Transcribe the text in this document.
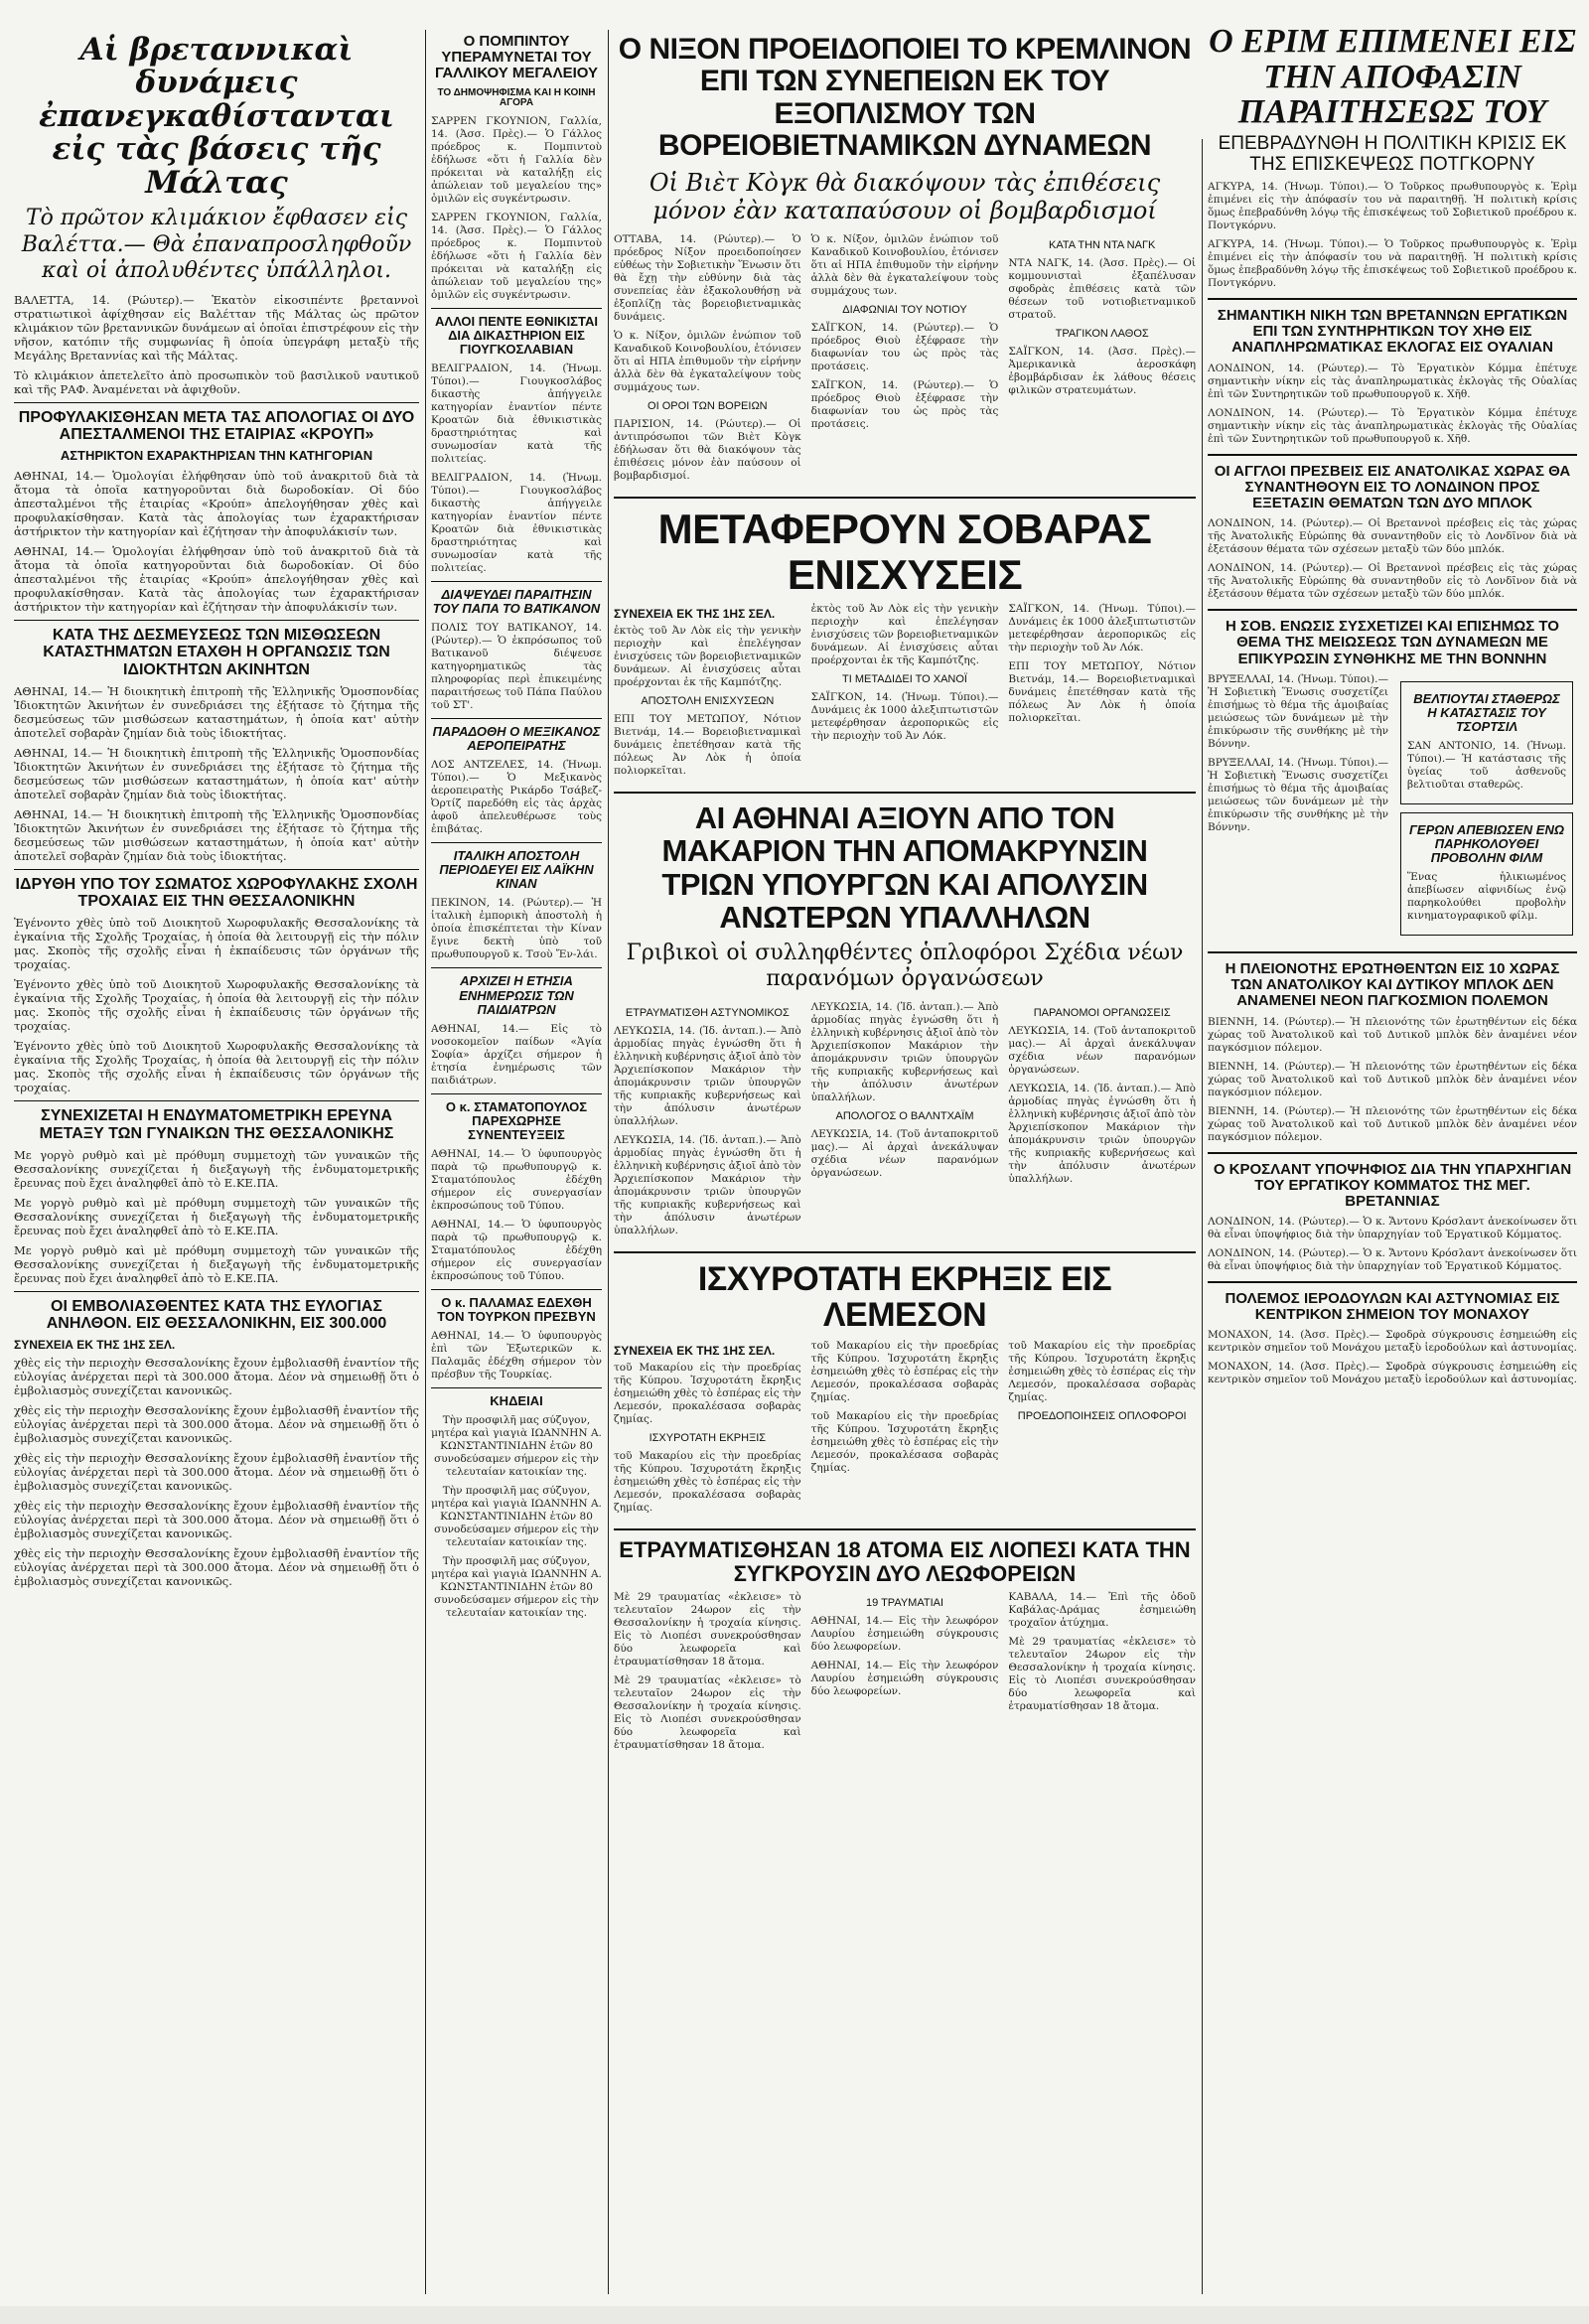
Αἱ βρεταννικαὶ δυνάμεις ἐπανεγκαθίστανται εἰς τὰς βάσεις τῆς Μάλτας
Τὸ πρῶτον κλιμάκιον ἔφθασεν εἰς Βαλέττα.— Θὰ ἐπαναπροσληφθοῦν καὶ οἱ ἀπολυθέντες ὑπάλληλοι.

ΒΑΛΕΤΤΑ, 14. (Ρώυτερ).— Ἑκατὸν εἰκοσιπέντε βρεταννοὶ στρατιωτικοὶ ἀφίχθησαν εἰς Βαλέτταν τῆς Μάλτας ὡς πρῶτον κλιμάκιον τῶν βρεταννικῶν δυνάμεων αἱ ὁποῖαι ἐπιστρέφουν εἰς τὴν νῆσον, κατόπιν τῆς συμφωνίας ἣ ὁποία ὑπεγράφη μεταξὺ τῆς Μεγάλης Βρεταννίας καὶ τῆς Μάλτας.

Τὸ κλιμάκιον ἀπετελεῖτο ἀπὸ προσωπικὸν τοῦ βασιλικοῦ ναυτικοῦ καὶ τῆς ΡΑΦ. Ἀναμένεται νὰ ἀφιχθοῦν.

ΠΡΟΦΥΛΑΚΙΣΘΗΣΑΝ ΜΕΤΑ ΤΑΣ ΑΠΟΛΟΓΙΑΣ ΟΙ ΔΥΟ ΑΠΕΣΤΑΛΜΕΝΟΙ ΤΗΣ ΕΤΑΙΡΙΑΣ «ΚΡΟΥΠ»
ΑΣΤΗΡΙΚΤΟΝ ΕΧΑΡΑΚΤΗΡΙΣΑΝ ΤΗΝ ΚΑΤΗΓΟΡΙΑΝ

ΑΘΗΝΑΙ, 14.— Ὁμολογίαι ἐλήφθησαν ὑπὸ τοῦ ἀνακριτοῦ διὰ τὰ ἄτομα τὰ ὁποῖα κατηγοροῦνται διὰ δωροδοκίαν. Οἱ δύο ἀπεσταλμένοι τῆς ἑταιρίας «Κρούπ» ἀπελογήθησαν χθὲς καὶ προφυλακίσθησαν. Κατὰ τὰς ἀπολογίας των ἐχαρακτήρισαν ἀστήρικτον τὴν κατηγορίαν καὶ ἐζήτησαν τὴν ἀποφυλάκισίν των.

ΑΘΗΝΑΙ, 14.— Ὁμολογίαι ἐλήφθησαν ὑπὸ τοῦ ἀνακριτοῦ διὰ τὰ ἄτομα τὰ ὁποῖα κατηγοροῦνται διὰ δωροδοκίαν. Οἱ δύο ἀπεσταλμένοι τῆς ἑταιρίας «Κρούπ» ἀπελογήθησαν χθὲς καὶ προφυλακίσθησαν. Κατὰ τὰς ἀπολογίας των ἐχαρακτήρισαν ἀστήρικτον τὴν κατηγορίαν καὶ ἐζήτησαν τὴν ἀποφυλάκισίν των.

ΚΑΤΑ ΤΗΣ ΔΕΣΜΕΥΣΕΩΣ ΤΩΝ ΜΙΣΘΩΣΕΩΝ ΚΑΤΑΣΤΗΜΑΤΩΝ ΕΤΑΧΘΗ Η ΟΡΓΑΝΩΣΙΣ ΤΩΝ ΙΔΙΟΚΤΗΤΩΝ ΑΚΙΝΗΤΩΝ

ΑΘΗΝΑΙ, 14.— Ἡ διοικητικὴ ἐπιτροπὴ τῆς Ἑλληνικῆς Ὁμοσπονδίας Ἰδιοκτητῶν Ἀκινήτων ἐν συνεδριάσει της ἐξήτασε τὸ ζήτημα τῆς δεσμεύσεως τῶν μισθώσεων καταστημάτων, ἡ ὁποία κατ' αὐτὴν ἀποτελεῖ σοβαρὰν ζημίαν διὰ τοὺς ἰδιοκτήτας.

ΑΘΗΝΑΙ, 14.— Ἡ διοικητικὴ ἐπιτροπὴ τῆς Ἑλληνικῆς Ὁμοσπονδίας Ἰδιοκτητῶν Ἀκινήτων ἐν συνεδριάσει της ἐξήτασε τὸ ζήτημα τῆς δεσμεύσεως τῶν μισθώσεων καταστημάτων, ἡ ὁποία κατ' αὐτὴν ἀποτελεῖ σοβαρὰν ζημίαν διὰ τοὺς ἰδιοκτήτας.

ΑΘΗΝΑΙ, 14.— Ἡ διοικητικὴ ἐπιτροπὴ τῆς Ἑλληνικῆς Ὁμοσπονδίας Ἰδιοκτητῶν Ἀκινήτων ἐν συνεδριάσει της ἐξήτασε τὸ ζήτημα τῆς δεσμεύσεως τῶν μισθώσεων καταστημάτων, ἡ ὁποία κατ' αὐτὴν ἀποτελεῖ σοβαρὰν ζημίαν διὰ τοὺς ἰδιοκτήτας.

ΙΔΡΥΘΗ ΥΠΟ ΤΟΥ ΣΩΜΑΤΟΣ ΧΩΡΟΦΥΛΑΚΗΣ ΣΧΟΛΗ ΤΡΟΧΑΙΑΣ ΕΙΣ ΤΗΝ ΘΕΣΣΑΛΟΝΙΚΗΝ

Ἐγένοντο χθὲς ὑπὸ τοῦ Διοικητοῦ Χωροφυλακῆς Θεσσαλονίκης τὰ ἐγκαίνια τῆς Σχολῆς Τροχαίας, ἡ ὁποία θὰ λειτουργῇ εἰς τὴν πόλιν μας. Σκοπὸς τῆς σχολῆς εἶναι ἡ ἐκπαίδευσις τῶν ὀργάνων τῆς τροχαίας.

Ἐγένοντο χθὲς ὑπὸ τοῦ Διοικητοῦ Χωροφυλακῆς Θεσσαλονίκης τὰ ἐγκαίνια τῆς Σχολῆς Τροχαίας, ἡ ὁποία θὰ λειτουργῇ εἰς τὴν πόλιν μας. Σκοπὸς τῆς σχολῆς εἶναι ἡ ἐκπαίδευσις τῶν ὀργάνων τῆς τροχαίας.

Ἐγένοντο χθὲς ὑπὸ τοῦ Διοικητοῦ Χωροφυλακῆς Θεσσαλονίκης τὰ ἐγκαίνια τῆς Σχολῆς Τροχαίας, ἡ ὁποία θὰ λειτουργῇ εἰς τὴν πόλιν μας. Σκοπὸς τῆς σχολῆς εἶναι ἡ ἐκπαίδευσις τῶν ὀργάνων τῆς τροχαίας.

ΣΥΝΕΧΙΖΕΤΑΙ Η ΕΝΔΥΜΑΤΟΜΕΤΡΙΚΗ ΕΡΕΥΝΑ ΜΕΤΑΞΥ ΤΩΝ ΓΥΝΑΙΚΩΝ ΤΗΣ ΘΕΣΣΑΛΟΝΙΚΗΣ

Με γοργὸ ρυθμὸ καὶ μὲ πρόθυμη συμμετοχὴ τῶν γυναικῶν τῆς Θεσσαλονίκης συνεχίζεται ἡ διεξαγωγὴ τῆς ἐνδυματομετρικῆς ἔρευνας ποὺ ἔχει ἀναληφθεῖ ἀπὸ τὸ Ε.ΚΕ.ΠΑ.

Με γοργὸ ρυθμὸ καὶ μὲ πρόθυμη συμμετοχὴ τῶν γυναικῶν τῆς Θεσσαλονίκης συνεχίζεται ἡ διεξαγωγὴ τῆς ἐνδυματομετρικῆς ἔρευνας ποὺ ἔχει ἀναληφθεῖ ἀπὸ τὸ Ε.ΚΕ.ΠΑ.

Με γοργὸ ρυθμὸ καὶ μὲ πρόθυμη συμμετοχὴ τῶν γυναικῶν τῆς Θεσσαλονίκης συνεχίζεται ἡ διεξαγωγὴ τῆς ἐνδυματομετρικῆς ἔρευνας ποὺ ἔχει ἀναληφθεῖ ἀπὸ τὸ Ε.ΚΕ.ΠΑ.

ΟΙ ΕΜΒΟΛΙΑΣΘΕΝΤΕΣ ΚΑΤΑ ΤΗΣ ΕΥΛΟΓΙΑΣ ΑΝΗΛΘΟΝ. ΕΙΣ ΘΕΣΣΑΛΟΝΙΚΗΝ, ΕΙΣ 300.000
ΣΥΝΕΧΕΙΑ ΕΚ ΤΗΣ 1ΗΣ ΣΕΛ.

χθὲς εἰς τὴν περιοχὴν Θεσσαλονίκης ἔχουν ἐμβολιασθῆ ἐναντίον τῆς εὐλογίας ἀνέρχεται περὶ τὰ 300.000 ἄτομα. Δέον νὰ σημειωθῇ ὅτι ὁ ἐμβολιασμὸς συνεχίζεται κανονικῶς.

χθὲς εἰς τὴν περιοχὴν Θεσσαλονίκης ἔχουν ἐμβολιασθῆ ἐναντίον τῆς εὐλογίας ἀνέρχεται περὶ τὰ 300.000 ἄτομα. Δέον νὰ σημειωθῇ ὅτι ὁ ἐμβολιασμὸς συνεχίζεται κανονικῶς.

χθὲς εἰς τὴν περιοχὴν Θεσσαλονίκης ἔχουν ἐμβολιασθῆ ἐναντίον τῆς εὐλογίας ἀνέρχεται περὶ τὰ 300.000 ἄτομα. Δέον νὰ σημειωθῇ ὅτι ὁ ἐμβολιασμὸς συνεχίζεται κανονικῶς.

χθὲς εἰς τὴν περιοχὴν Θεσσαλονίκης ἔχουν ἐμβολιασθῆ ἐναντίον τῆς εὐλογίας ἀνέρχεται περὶ τὰ 300.000 ἄτομα. Δέον νὰ σημειωθῇ ὅτι ὁ ἐμβολιασμὸς συνεχίζεται κανονικῶς.

χθὲς εἰς τὴν περιοχὴν Θεσσαλονίκης ἔχουν ἐμβολιασθῆ ἐναντίον τῆς εὐλογίας ἀνέρχεται περὶ τὰ 300.000 ἄτομα. Δέον νὰ σημειωθῇ ὅτι ὁ ἐμβολιασμὸς συνεχίζεται κανονικῶς.

Ο ΠΟΜΠΙΝΤΟΥ ΥΠΕΡΑΜΥΝΕΤΑΙ ΤΟΥ ΓΑΛΛΙΚΟΥ ΜΕΓΑΛΕΙΟΥ
ΤΟ ΔΗΜΟΨΗΦΙΣΜΑ ΚΑΙ Η ΚΟΙΝΗ ΑΓΟΡΑ

ΣΑΡΡΕΝ ΓΚΟΥΝΙΟΝ, Γαλλία, 14. (Ἀσσ. Πρὲς).— Ὁ Γάλλος πρόεδρος κ. Πομπιντοὺ ἐδήλωσε «ὅτι ἡ Γαλλία δὲν πρόκειται νὰ καταλήξῃ εἰς ἀπώλειαν τοῦ μεγαλείου της» ὁμιλῶν εἰς συγκέντρωσιν.

ΣΑΡΡΕΝ ΓΚΟΥΝΙΟΝ, Γαλλία, 14. (Ἀσσ. Πρὲς).— Ὁ Γάλλος πρόεδρος κ. Πομπιντοὺ ἐδήλωσε «ὅτι ἡ Γαλλία δὲν πρόκειται νὰ καταλήξῃ εἰς ἀπώλειαν τοῦ μεγαλείου της» ὁμιλῶν εἰς συγκέντρωσιν.

ΑΛΛΟΙ ΠΕΝΤΕ ΕΘΝΙΚΙΣΤΑΙ ΔΙΑ ΔΙΚΑΣΤΗΡΙΟΝ ΕΙΣ ΓΙΟΥΓΚΟΣΛΑΒΙΑΝ

ΒΕΛΙΓΡΑΔΙΟΝ, 14. (Ἡνωμ. Τύποι).— Γιουγκοσλάβος δικαστὴς ἀπήγγειλε κατηγορίαν ἐναντίον πέντε Κροατῶν διὰ ἐθνικιστικὰς δραστηριότητας καὶ συνωμοσίαν κατὰ τῆς πολιτείας.

ΒΕΛΙΓΡΑΔΙΟΝ, 14. (Ἡνωμ. Τύποι).— Γιουγκοσλάβος δικαστὴς ἀπήγγειλε κατηγορίαν ἐναντίον πέντε Κροατῶν διὰ ἐθνικιστικὰς δραστηριότητας καὶ συνωμοσίαν κατὰ τῆς πολιτείας.

ΔΙΑΨΕΥΔΕΙ ΠΑΡΑΙΤΗΣΙΝ ΤΟΥ ΠΑΠΑ ΤΟ ΒΑΤΙΚΑΝΟΝ

ΠΟΛΙΣ ΤΟΥ ΒΑΤΙΚΑΝΟΥ, 14. (Ρώυτερ).— Ὁ ἐκπρόσωπος τοῦ Βατικανοῦ διέψευσε κατηγορηματικῶς τὰς πληροφορίας περὶ ἐπικειμένης παραιτήσεως τοῦ Πάπα Παύλου τοῦ ΣΤ'.

ΠΑΡΑΔΟΘΗ Ο ΜΕΞΙΚΑΝΟΣ ΑΕΡΟΠΕΙΡΑΤΗΣ

ΛΟΣ ΑΝΤΖΕΛΕΣ, 14. (Ἡνωμ. Τύποι).— Ὁ Μεξικανὸς ἀεροπειρατὴς Ρικάρδο Τσάβεζ-Ὀρτίζ παρεδόθη εἰς τὰς ἀρχὰς ἀφοῦ ἀπελευθέρωσε τοὺς ἐπιβάτας.

ΙΤΑΛΙΚΗ ΑΠΟΣΤΟΛΗ ΠΕΡΙΟΔΕΥΕΙ ΕΙΣ ΛΑΪΚΗΝ ΚΙΝΑΝ

ΠΕΚΙΝΟΝ, 14. (Ρώυτερ).— Ἡ ἰταλικὴ ἐμπορικὴ ἀποστολὴ ἡ ὁποία ἐπισκέπτεται τὴν Κίναν ἔγινε δεκτὴ ὑπὸ τοῦ πρωθυπουργοῦ κ. Τσοὺ Ἔν-λάι.

ΑΡΧΙΖΕΙ Η ΕΤΗΣΙΑ ΕΝΗΜΕΡΩΣΙΣ ΤΩΝ ΠΑΙΔΙΑΤΡΩΝ

ΑΘΗΝΑΙ, 14.— Εἰς τὸ νοσοκομεῖον παίδων «Ἁγία Σοφία» ἀρχίζει σήμερον ἡ ἐτησία ἐνημέρωσις τῶν παιδιάτρων.

Ο κ. ΣΤΑΜΑΤΟΠΟΥΛΟΣ ΠΑΡΕΧΩΡΗΣΕ ΣΥΝΕΝΤΕΥΞΕΙΣ

ΑΘΗΝΑΙ, 14.— Ὁ ὑφυπουργὸς παρὰ τῷ πρωθυπουργῷ κ. Σταματόπουλος ἐδέχθη σήμερον εἰς συνεργασίαν ἐκπροσώπους τοῦ Τύπου.

ΑΘΗΝΑΙ, 14.— Ὁ ὑφυπουργὸς παρὰ τῷ πρωθυπουργῷ κ. Σταματόπουλος ἐδέχθη σήμερον εἰς συνεργασίαν ἐκπροσώπους τοῦ Τύπου.

Ο κ. ΠΑΛΑΜΑΣ ΕΔΕΧΘΗ ΤΟΝ ΤΟΥΡΚΟΝ ΠΡΕΣΒΥΝ

ΑΘΗΝΑΙ, 14.— Ὁ ὑφυπουργὸς ἐπὶ τῶν Ἐξωτερικῶν κ. Παλαμᾶς ἐδέχθη σήμερον τὸν πρέσβυν τῆς Τουρκίας.

ΚΗΔΕΙΑΙ

Τὴν προσφιλῆ μας σύζυγον, μητέρα καὶ γιαγιὰ ΙΩΑΝΝΗΝ Α. ΚΩΝΣΤΑΝΤΙΝΙΔΗΝ ἐτῶν 80 συνοδεύσαμεν σήμερον εἰς τὴν τελευταίαν κατοικίαν της.

Τὴν προσφιλῆ μας σύζυγον, μητέρα καὶ γιαγιὰ ΙΩΑΝΝΗΝ Α. ΚΩΝΣΤΑΝΤΙΝΙΔΗΝ ἐτῶν 80 συνοδεύσαμεν σήμερον εἰς τὴν τελευταίαν κατοικίαν της.

Τὴν προσφιλῆ μας σύζυγον, μητέρα καὶ γιαγιὰ ΙΩΑΝΝΗΝ Α. ΚΩΝΣΤΑΝΤΙΝΙΔΗΝ ἐτῶν 80 συνοδεύσαμεν σήμερον εἰς τὴν τελευταίαν κατοικίαν της.

Ο ΝΙΞΟΝ ΠΡΟΕΙΔΟΠΟΙΕΙ ΤΟ ΚΡΕΜΛΙΝΟΝ ΕΠΙ ΤΩΝ ΣΥΝΕΠΕΙΩΝ ΕΚ ΤΟΥ ΕΞΟΠΛΙΣΜΟΥ ΤΩΝ ΒΟΡΕΙΟΒΙΕΤΝΑΜΙΚΩΝ ΔΥΝΑΜΕΩΝ
Οἱ Βιὲτ Κὸγκ θὰ διακόψουν τὰς ἐπιθέσεις μόνον ἐὰν καταπαύσουν οἱ βομβαρδισμοί

ΟΤΤΑΒΑ, 14. (Ρώυτερ).— Ὁ πρόεδρος Νίξον προειδοποίησεν εὐθέως τὴν Σοβιετικὴν Ἕνωσιν ὅτι θὰ ἔχῃ τὴν εὐθύνην διὰ τὰς συνεπείας ἐὰν ἐξακολουθήσῃ νὰ ἐξοπλίζῃ τὰς βορειοβιετναμικὰς δυνάμεις.

Ὁ κ. Νίξον, ὁμιλῶν ἐνώπιον τοῦ Καναδικοῦ Κοινοβουλίου, ἐτόνισεν ὅτι αἱ ΗΠΑ ἐπιθυμοῦν τὴν εἰρήνην ἀλλὰ δὲν θὰ ἐγκαταλείψουν τοὺς συμμάχους των.

ΟΙ ΟΡΟΙ ΤΩΝ ΒΟΡΕΙΩΝ

ΠΑΡΙΣΙΟΝ, 14. (Ρώυτερ).— Οἱ ἀντιπρόσωποι τῶν Βιὲτ Κὸγκ ἐδήλωσαν ὅτι θὰ διακόψουν τὰς ἐπιθέσεις μόνον ἐὰν παύσουν οἱ βομβαρδισμοί.

Ὁ κ. Νίξον, ὁμιλῶν ἐνώπιον τοῦ Καναδικοῦ Κοινοβουλίου, ἐτόνισεν ὅτι αἱ ΗΠΑ ἐπιθυμοῦν τὴν εἰρήνην ἀλλὰ δὲν θὰ ἐγκαταλείψουν τοὺς συμμάχους των.

ΔΙΑΦΩΝΙΑΙ ΤΟΥ ΝΟΤΙΟΥ

ΣΑΪΓΚΟΝ, 14. (Ρώυτερ).— Ὁ πρόεδρος Θιοὺ ἐξέφρασε τὴν διαφωνίαν του ὡς πρὸς τὰς προτάσεις.

ΣΑΪΓΚΟΝ, 14. (Ρώυτερ).— Ὁ πρόεδρος Θιοὺ ἐξέφρασε τὴν διαφωνίαν του ὡς πρὸς τὰς προτάσεις.

ΚΑΤΑ ΤΗΝ ΝΤΑ ΝΑΓΚ

ΝΤΑ ΝΑΓΚ, 14. (Ἀσσ. Πρὲς).— Οἱ κομμουνισταὶ ἐξαπέλυσαν σφοδρὰς ἐπιθέσεις κατὰ τῶν θέσεων τοῦ νοτιοβιετναμικοῦ στρατοῦ.

ΤΡΑΓΙΚΟΝ ΛΑΘΟΣ

ΣΑΪΓΚΟΝ, 14. (Ἀσσ. Πρὲς).— Ἀμερικανικὰ ἀεροσκάφη ἐβομβάρδισαν ἐκ λάθους θέσεις φιλικῶν στρατευμάτων.

ΜΕΤΑΦΕΡΟΥΝ ΣΟΒΑΡΑΣ ΕΝΙΣΧΥΣΕΙΣ
ΣΥΝΕΧΕΙΑ ΕΚ ΤΗΣ 1ΗΣ ΣΕΛ.

ἐκτὸς τοῦ Ἀν Λὸκ εἰς τὴν γενικὴν περιοχὴν καὶ ἐπελέγησαν ἐνισχύσεις τῶν βορειοβιετναμικῶν δυνάμεων. Αἱ ἐνισχύσεις αὗται προέρχονται ἐκ τῆς Καμπότζης.

ΑΠΟΣΤΟΛΗ ΕΝΙΣΧΥΣΕΩΝ

ΕΠΙ ΤΟΥ ΜΕΤΩΠΟΥ, Νότιον Βιετνάμ, 14.— Βορειοβιετναμικαὶ δυνάμεις ἐπετέθησαν κατὰ τῆς πόλεως Ἀν Λὸκ ἡ ὁποία πολιορκεῖται.

ἐκτὸς τοῦ Ἀν Λὸκ εἰς τὴν γενικὴν περιοχὴν καὶ ἐπελέγησαν ἐνισχύσεις τῶν βορειοβιετναμικῶν δυνάμεων. Αἱ ἐνισχύσεις αὗται προέρχονται ἐκ τῆς Καμπότζης.

ΤΙ ΜΕΤΑΔΙΔΕΙ ΤΟ ΧΑΝΟΪ

ΣΑΪΓΚΟΝ, 14. (Ἡνωμ. Τύποι).— Δυνάμεις ἐκ 1000 ἀλεξιπτωτιστῶν μετεφέρθησαν ἀεροπορικῶς εἰς τὴν περιοχὴν τοῦ Ἀν Λόκ.

ΣΑΪΓΚΟΝ, 14. (Ἡνωμ. Τύποι).— Δυνάμεις ἐκ 1000 ἀλεξιπτωτιστῶν μετεφέρθησαν ἀεροπορικῶς εἰς τὴν περιοχὴν τοῦ Ἀν Λόκ.

ΕΠΙ ΤΟΥ ΜΕΤΩΠΟΥ, Νότιον Βιετνάμ, 14.— Βορειοβιετναμικαὶ δυνάμεις ἐπετέθησαν κατὰ τῆς πόλεως Ἀν Λὸκ ἡ ὁποία πολιορκεῖται.

ΑΙ ΑΘΗΝΑΙ ΑΞΙΟΥΝ ΑΠΟ ΤΟΝ ΜΑΚΑΡΙΟΝ ΤΗΝ ΑΠΟΜΑΚΡΥΝΣΙΝ ΤΡΙΩΝ ΥΠΟΥΡΓΩΝ ΚΑΙ ΑΠΟΛΥΣΙΝ ΑΝΩΤΕΡΩΝ ΥΠΑΛΛΗΛΩΝ
Γριβικοὶ οἱ συλληφθέντες ὁπλοφόροι Σχέδια νέων παρανόμων ὀργανώσεων
ΕΤΡΑΥΜΑΤΙΣΘΗ ΑΣΤΥΝΟΜΙΚΟΣ

ΛΕΥΚΩΣΙΑ, 14. (Ἰδ. ἀνταπ.).— Ἀπὸ ἀρμοδίας πηγὰς ἐγνώσθη ὅτι ἡ ἑλληνικὴ κυβέρνησις ἀξιοῖ ἀπὸ τὸν Ἀρχιεπίσκοπον Μακάριον τὴν ἀπομάκρυνσιν τριῶν ὑπουργῶν τῆς κυπριακῆς κυβερνήσεως καὶ τὴν ἀπόλυσιν ἀνωτέρων ὑπαλλήλων.

ΛΕΥΚΩΣΙΑ, 14. (Ἰδ. ἀνταπ.).— Ἀπὸ ἀρμοδίας πηγὰς ἐγνώσθη ὅτι ἡ ἑλληνικὴ κυβέρνησις ἀξιοῖ ἀπὸ τὸν Ἀρχιεπίσκοπον Μακάριον τὴν ἀπομάκρυνσιν τριῶν ὑπουργῶν τῆς κυπριακῆς κυβερνήσεως καὶ τὴν ἀπόλυσιν ἀνωτέρων ὑπαλλήλων.

ΛΕΥΚΩΣΙΑ, 14. (Ἰδ. ἀνταπ.).— Ἀπὸ ἀρμοδίας πηγὰς ἐγνώσθη ὅτι ἡ ἑλληνικὴ κυβέρνησις ἀξιοῖ ἀπὸ τὸν Ἀρχιεπίσκοπον Μακάριον τὴν ἀπομάκρυνσιν τριῶν ὑπουργῶν τῆς κυπριακῆς κυβερνήσεως καὶ τὴν ἀπόλυσιν ἀνωτέρων ὑπαλλήλων.

ΑΠΟΛΟΓΟΣ Ο ΒΑΛΝΤΧΑΪΜ

ΛΕΥΚΩΣΙΑ, 14. (Τοῦ ἀνταποκριτοῦ μας).— Αἱ ἀρχαὶ ἀνεκάλυψαν σχέδια νέων παρανόμων ὀργανώσεων.

ΠΑΡΑΝΟΜΟΙ ΟΡΓΑΝΩΣΕΙΣ

ΛΕΥΚΩΣΙΑ, 14. (Τοῦ ἀνταποκριτοῦ μας).— Αἱ ἀρχαὶ ἀνεκάλυψαν σχέδια νέων παρανόμων ὀργανώσεων.

ΛΕΥΚΩΣΙΑ, 14. (Ἰδ. ἀνταπ.).— Ἀπὸ ἀρμοδίας πηγὰς ἐγνώσθη ὅτι ἡ ἑλληνικὴ κυβέρνησις ἀξιοῖ ἀπὸ τὸν Ἀρχιεπίσκοπον Μακάριον τὴν ἀπομάκρυνσιν τριῶν ὑπουργῶν τῆς κυπριακῆς κυβερνήσεως καὶ τὴν ἀπόλυσιν ἀνωτέρων ὑπαλλήλων.

ΙΣΧΥΡΟΤΑΤΗ ΕΚΡΗΞΙΣ ΕΙΣ ΛΕΜΕΣΟΝ
ΣΥΝΕΧΕΙΑ ΕΚ ΤΗΣ 1ΗΣ ΣΕΛ.

τοῦ Μακαρίου εἰς τὴν προεδρίας τῆς Κύπρου. Ἰσχυροτάτη ἔκρηξις ἐσημειώθη χθὲς τὸ ἑσπέρας εἰς τὴν Λεμεσόν, προκαλέσασα σοβαρὰς ζημίας.

ΙΣΧΥΡΟΤΑΤΗ ΕΚΡΗΞΙΣ

τοῦ Μακαρίου εἰς τὴν προεδρίας τῆς Κύπρου. Ἰσχυροτάτη ἔκρηξις ἐσημειώθη χθὲς τὸ ἑσπέρας εἰς τὴν Λεμεσόν, προκαλέσασα σοβαρὰς ζημίας.

τοῦ Μακαρίου εἰς τὴν προεδρίας τῆς Κύπρου. Ἰσχυροτάτη ἔκρηξις ἐσημειώθη χθὲς τὸ ἑσπέρας εἰς τὴν Λεμεσόν, προκαλέσασα σοβαρὰς ζημίας.

τοῦ Μακαρίου εἰς τὴν προεδρίας τῆς Κύπρου. Ἰσχυροτάτη ἔκρηξις ἐσημειώθη χθὲς τὸ ἑσπέρας εἰς τὴν Λεμεσόν, προκαλέσασα σοβαρὰς ζημίας.

τοῦ Μακαρίου εἰς τὴν προεδρίας τῆς Κύπρου. Ἰσχυροτάτη ἔκρηξις ἐσημειώθη χθὲς τὸ ἑσπέρας εἰς τὴν Λεμεσόν, προκαλέσασα σοβαρὰς ζημίας.

ΠΡΟΕΔΟΠΟΙΗΣΕΙΣ ΟΠΛΟΦΟΡΟΙ
ΕΤΡΑΥΜΑΤΙΣΘΗΣΑΝ 18 ΑΤΟΜΑ ΕΙΣ ΛΙΟΠΕΣΙ ΚΑΤΑ ΤΗΝ ΣΥΓΚΡΟΥΣΙΝ ΔΥΟ ΛΕΩΦΟΡΕΙΩΝ

Μὲ 29 τραυματίας «ἐκλεισε» τὸ τελευταῖον 24ωρον εἰς τὴν Θεσσαλονίκην ἡ τροχαία κίνησις. Εἰς τὸ Λιοπέσι συνεκρούσθησαν δύο λεωφορεῖα καὶ ἐτραυματίσθησαν 18 ἄτομα.

Μὲ 29 τραυματίας «ἐκλεισε» τὸ τελευταῖον 24ωρον εἰς τὴν Θεσσαλονίκην ἡ τροχαία κίνησις. Εἰς τὸ Λιοπέσι συνεκρούσθησαν δύο λεωφορεῖα καὶ ἐτραυματίσθησαν 18 ἄτομα.

19 ΤΡΑΥΜΑΤΙΑΙ

ΑΘΗΝΑΙ, 14.— Εἰς τὴν λεωφόρον Λαυρίου ἐσημειώθη σύγκρουσις δύο λεωφορείων.

ΑΘΗΝΑΙ, 14.— Εἰς τὴν λεωφόρον Λαυρίου ἐσημειώθη σύγκρουσις δύο λεωφορείων.

ΚΑΒΑΛΑ, 14.— Ἐπὶ τῆς ὁδοῦ Καβάλας-Δράμας ἐσημειώθη τροχαῖον ἀτύχημα.

Μὲ 29 τραυματίας «ἐκλεισε» τὸ τελευταῖον 24ωρον εἰς τὴν Θεσσαλονίκην ἡ τροχαία κίνησις. Εἰς τὸ Λιοπέσι συνεκρούσθησαν δύο λεωφορεῖα καὶ ἐτραυματίσθησαν 18 ἄτομα.

Ο ΕΡΙΜ ΕΠΙΜΕΝΕΙ ΕΙΣ ΤΗΝ ΑΠΟΦΑΣΙΝ ΠΑΡΑΙΤΗΣΕΩΣ ΤΟΥ
ΕΠΕΒΡΑΔΥΝΘΗ Η ΠΟΛΙΤΙΚΗ ΚΡΙΣΙΣ ΕΚ ΤΗΣ ΕΠΙΣΚΕΨΕΩΣ ΠΟΤΓΚΟΡΝΥ

ΑΓΚΥΡΑ, 14. (Ἡνωμ. Τύποι).— Ὁ Τοῦρκος πρωθυπουργὸς κ. Ἐρὶμ ἐπιμένει εἰς τὴν ἀπόφασίν του νὰ παραιτηθῇ. Ἡ πολιτικὴ κρίσις ὅμως ἐπεβραδύνθη λόγῳ τῆς ἐπισκέψεως τοῦ Σοβιετικοῦ προέδρου κ. Ποντγκόρνυ.

ΑΓΚΥΡΑ, 14. (Ἡνωμ. Τύποι).— Ὁ Τοῦρκος πρωθυπουργὸς κ. Ἐρὶμ ἐπιμένει εἰς τὴν ἀπόφασίν του νὰ παραιτηθῇ. Ἡ πολιτικὴ κρίσις ὅμως ἐπεβραδύνθη λόγῳ τῆς ἐπισκέψεως τοῦ Σοβιετικοῦ προέδρου κ. Ποντγκόρνυ.

ΣΗΜΑΝΤΙΚΗ ΝΙΚΗ ΤΩΝ ΒΡΕΤΑΝΝΩΝ ΕΡΓΑΤΙΚΩΝ ΕΠΙ ΤΩΝ ΣΥΝΤΗΡΗΤΙΚΩΝ ΤΟΥ ΧΗΘ ΕΙΣ ΑΝΑΠΛΗΡΩΜΑΤΙΚΑΣ ΕΚΛΟΓΑΣ ΕΙΣ ΟΥΑΛΙΑΝ

ΛΟΝΔΙΝΟΝ, 14. (Ρώυτερ).— Τὸ Ἐργατικὸν Κόμμα ἐπέτυχε σημαντικὴν νίκην εἰς τὰς ἀναπληρωματικὰς ἐκλογὰς τῆς Οὐαλίας ἐπὶ τῶν Συντηρητικῶν τοῦ πρωθυπουργοῦ κ. Χῆθ.

ΛΟΝΔΙΝΟΝ, 14. (Ρώυτερ).— Τὸ Ἐργατικὸν Κόμμα ἐπέτυχε σημαντικὴν νίκην εἰς τὰς ἀναπληρωματικὰς ἐκλογὰς τῆς Οὐαλίας ἐπὶ τῶν Συντηρητικῶν τοῦ πρωθυπουργοῦ κ. Χῆθ.

ΟΙ ΑΓΓΛΟΙ ΠΡΕΣΒΕΙΣ ΕΙΣ ΑΝΑΤΟΛΙΚΑΣ ΧΩΡΑΣ ΘΑ ΣΥΝΑΝΤΗΘΟΥΝ ΕΙΣ ΤΟ ΛΟΝΔΙΝΟΝ ΠΡΟΣ ΕΞΕΤΑΣΙΝ ΘΕΜΑΤΩΝ ΤΩΝ ΔΥΟ ΜΠΛΟΚ

ΛΟΝΔΙΝΟΝ, 14. (Ρώυτερ).— Οἱ Βρεταννοὶ πρέσβεις εἰς τὰς χώρας τῆς Ἀνατολικῆς Εὐρώπης θὰ συναντηθοῦν εἰς τὸ Λονδῖνον διὰ νὰ ἐξετάσουν θέματα τῶν σχέσεων μεταξὺ τῶν δύο μπλόκ.

ΛΟΝΔΙΝΟΝ, 14. (Ρώυτερ).— Οἱ Βρεταννοὶ πρέσβεις εἰς τὰς χώρας τῆς Ἀνατολικῆς Εὐρώπης θὰ συναντηθοῦν εἰς τὸ Λονδῖνον διὰ νὰ ἐξετάσουν θέματα τῶν σχέσεων μεταξὺ τῶν δύο μπλόκ.

Η ΣΟΒ. ΕΝΩΣΙΣ ΣΥΣΧΕΤΙΖΕΙ ΚΑΙ ΕΠΙΣΗΜΩΣ ΤΟ ΘΕΜΑ ΤΗΣ ΜΕΙΩΣΕΩΣ ΤΩΝ ΔΥΝΑΜΕΩΝ ΜΕ ΕΠΙΚΥΡΩΣΙΝ ΣΥΝΘΗΚΗΣ ΜΕ ΤΗΝ ΒΟΝΝΗΝ

ΒΡΥΞΕΛΛΑΙ, 14. (Ἡνωμ. Τύποι).— Ἡ Σοβιετικὴ Ἕνωσις συσχετίζει ἐπισήμως τὸ θέμα τῆς ἀμοιβαίας μειώσεως τῶν δυνάμεων μὲ τὴν ἐπικύρωσιν τῆς συνθήκης μὲ τὴν Βόννην.

ΒΡΥΞΕΛΛΑΙ, 14. (Ἡνωμ. Τύποι).— Ἡ Σοβιετικὴ Ἕνωσις συσχετίζει ἐπισήμως τὸ θέμα τῆς ἀμοιβαίας μειώσεως τῶν δυνάμεων μὲ τὴν ἐπικύρωσιν τῆς συνθήκης μὲ τὴν Βόννην.

ΒΕΛΤΙΟΥΤΑΙ ΣΤΑΘΕΡΩΣ Η ΚΑΤΑΣΤΑΣΙΣ ΤΟΥ ΤΣΟΡΤΣΙΛ

ΣΑΝ ΑΝΤΟΝΙΟ, 14. (Ἡνωμ. Τύποι).— Ἡ κατάστασις τῆς ὑγείας τοῦ ἀσθενοῦς βελτιοῦται σταθερῶς.

ΓΕΡΩΝ ΑΠΕΒΙΩΣΕΝ ΕΝΩ ΠΑΡΗΚΟΛΟΥΘΕΙ ΠΡΟΒΟΛΗΝ ΦΙΛΜ

Ἕνας ἡλικιωμένος ἀπεβίωσεν αἰφνιδίως ἐνῷ παρηκολούθει προβολὴν κινηματογραφικοῦ φίλμ.

Η ΠΛΕΙΟΝΟΤΗΣ ΕΡΩΤΗΘΕΝΤΩΝ ΕΙΣ 10 ΧΩΡΑΣ ΤΩΝ ΑΝΑΤΟΛΙΚΟΥ ΚΑΙ ΔΥΤΙΚΟΥ ΜΠΛΟΚ ΔΕΝ ΑΝΑΜΕΝΕΙ ΝΕΟΝ ΠΑΓΚΟΣΜΙΟΝ ΠΟΛΕΜΟΝ

ΒΙΕΝΝΗ, 14. (Ρώυτερ).— Ἡ πλειονότης τῶν ἐρωτηθέντων εἰς δέκα χώρας τοῦ Ἀνατολικοῦ καὶ τοῦ Δυτικοῦ μπλὸκ δὲν ἀναμένει νέον παγκόσμιον πόλεμον.

ΒΙΕΝΝΗ, 14. (Ρώυτερ).— Ἡ πλειονότης τῶν ἐρωτηθέντων εἰς δέκα χώρας τοῦ Ἀνατολικοῦ καὶ τοῦ Δυτικοῦ μπλὸκ δὲν ἀναμένει νέον παγκόσμιον πόλεμον.

ΒΙΕΝΝΗ, 14. (Ρώυτερ).— Ἡ πλειονότης τῶν ἐρωτηθέντων εἰς δέκα χώρας τοῦ Ἀνατολικοῦ καὶ τοῦ Δυτικοῦ μπλὸκ δὲν ἀναμένει νέον παγκόσμιον πόλεμον.

Ο ΚΡΟΣΛΑΝΤ ΥΠΟΨΗΦΙΟΣ ΔΙΑ ΤΗΝ ΥΠΑΡΧΗΓΙΑΝ ΤΟΥ ΕΡΓΑΤΙΚΟΥ ΚΟΜΜΑΤΟΣ ΤΗΣ ΜΕΓ. ΒΡΕΤΑΝΝΙΑΣ

ΛΟΝΔΙΝΟΝ, 14. (Ρώυτερ).— Ὁ κ. Ἄντονυ Κρόσλαντ ἀνεκοίνωσεν ὅτι θὰ εἶναι ὑποψήφιος διὰ τὴν ὑπαρχηγίαν τοῦ Ἐργατικοῦ Κόμματος.

ΛΟΝΔΙΝΟΝ, 14. (Ρώυτερ).— Ὁ κ. Ἄντονυ Κρόσλαντ ἀνεκοίνωσεν ὅτι θὰ εἶναι ὑποψήφιος διὰ τὴν ὑπαρχηγίαν τοῦ Ἐργατικοῦ Κόμματος.

ΠΟΛΕΜΟΣ ΙΕΡΟΔΟΥΛΩΝ ΚΑΙ ΑΣΤΥΝΟΜΙΑΣ ΕΙΣ ΚΕΝΤΡΙΚΟΝ ΣΗΜΕΙΟΝ ΤΟΥ ΜΟΝΑΧΟΥ

ΜΟΝΑΧΟΝ, 14. (Ἀσσ. Πρὲς).— Σφοδρὰ σύγκρουσις ἐσημειώθη εἰς κεντρικὸν σημεῖον τοῦ Μονάχου μεταξὺ ἱεροδούλων καὶ ἀστυνομίας.

ΜΟΝΑΧΟΝ, 14. (Ἀσσ. Πρὲς).— Σφοδρὰ σύγκρουσις ἐσημειώθη εἰς κεντρικὸν σημεῖον τοῦ Μονάχου μεταξὺ ἱεροδούλων καὶ ἀστυνομίας.
